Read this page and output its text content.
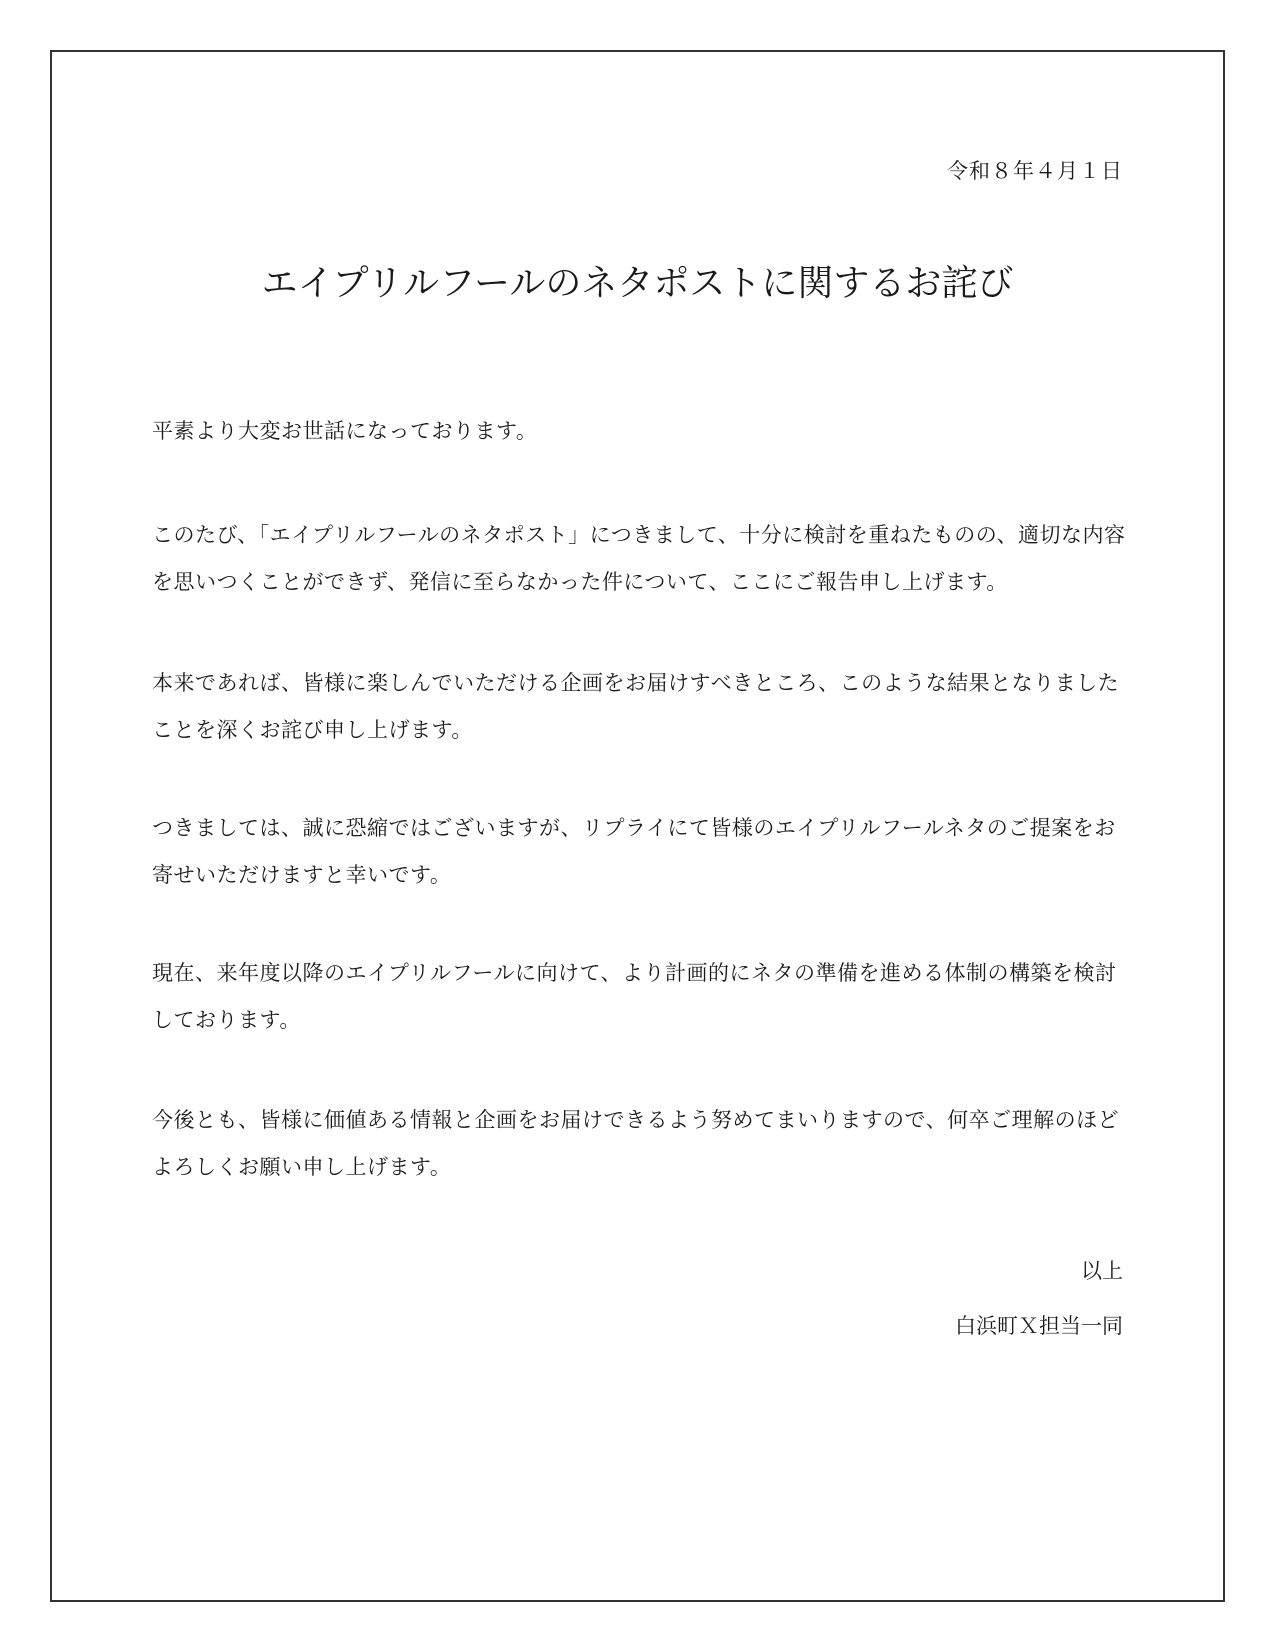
令和８年４月１日
エイプリルフールのネタポストに関するお詫び

平素より大変お世話になっております。

このたび、「エイプリルフールのネタポスト」につきまして、十分に検討を重ねたものの、適切な内容を思いつくことができず、発信に至らなかった件について、ここにご報告申し上げます。

本来であれば、皆様に楽しんでいただける企画をお届けすべきところ、このような結果となりましたことを深くお詫び申し上げます。

つきましては、誠に恐縮ではございますが、リプライにて皆様のエイプリルフールネタのご提案をお寄せいただけますと幸いです。

現在、来年度以降のエイプリルフールに向けて、より計画的にネタの準備を進める体制の構築を検討しております。

今後とも、皆様に価値ある情報と企画をお届けできるよう努めてまいりますので、何卒ご理解のほどよろしくお願い申し上げます。

以上
白浜町Ｘ担当一同
